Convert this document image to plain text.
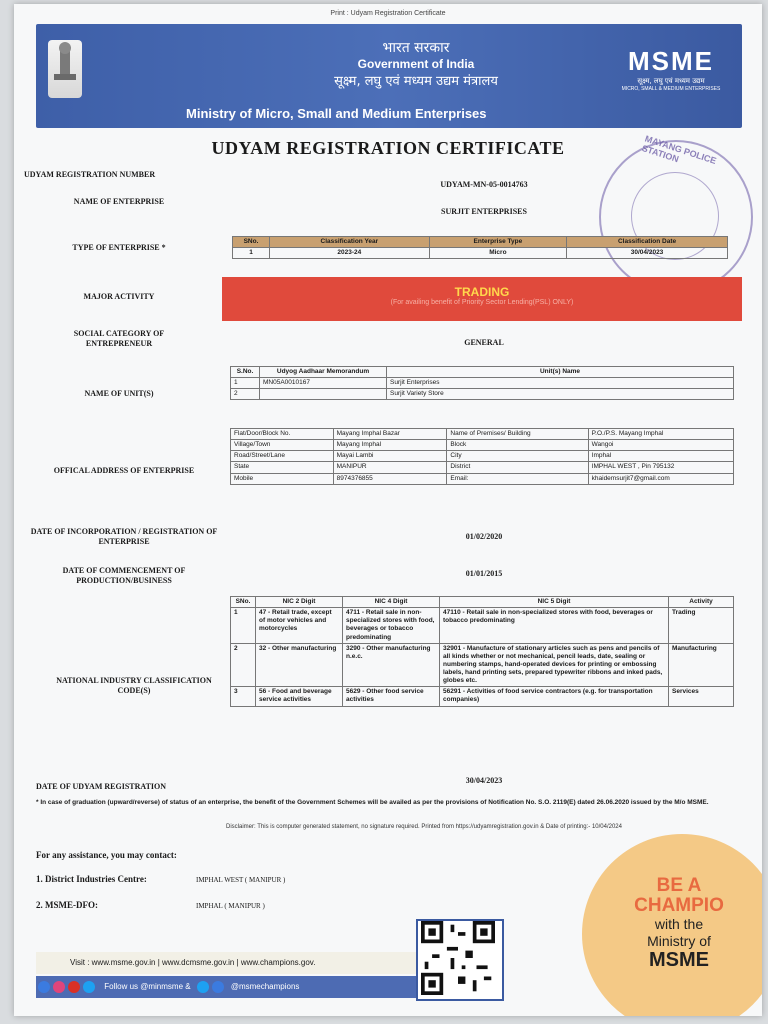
Print : Udyam Registration Certificate
भारत सरकार
Government of India
सूक्ष्म, लघु एवं मध्यम उद्यम मंत्रालय
Ministry of Micro, Small and Medium Enterprises
MSME
सूक्ष्म, लघु एवं मध्यम उद्यम
MICRO, SMALL & MEDIUM ENTERPRISES
UDYAM REGISTRATION CERTIFICATE	MAYANG POLICE STATION
UDYAM REGISTRATION NUMBER
UDYAM-MN-05-0014763
NAME OF ENTERPRISE
SURJIT ENTERPRISES
TYPE OF ENTERPRISE *
SNo.	Classification Year	Enterprise Type	Classification Date
1	2023-24	Micro	30/04/2023
MAJOR ACTIVITY	TRADING
(For availing benefit of Priority Sector Lending(PSL) ONLY)
SOCIAL CATEGORY OF ENTREPRENEUR	GENERAL
NAME OF UNIT(S)
S.No.	Udyog Aadhaar Memorandum	Unit(s) Name
1	MN05A0010167	Surjit Enterprises
2		Surjit Variety Store
OFFICAL ADDRESS OF ENTERPRISE
Flat/Door/Block No.	Mayang Imphal Bazar	Name of Premises/ Building	P.O./P.S. Mayang Imphal
Village/Town	Mayang Imphal	Block	Wangoi
Road/Street/Lane	Mayai Lambi	City	Imphal
State	MANIPUR	District	IMPHAL WEST , Pin 795132
Mobile	8974376855	Email:	khaidemsurjit7@gmail.com
DATE OF INCORPORATION / REGISTRATION OF ENTERPRISE
01/02/2020
DATE OF COMMENCEMENT OF PRODUCTION/BUSINESS
01/01/2015
NATIONAL INDUSTRY CLASSIFICATION CODE(S)
SNo.	NIC 2 Digit	NIC 4 Digit	NIC 5 Digit	Activity
1	47 - Retail trade, except of motor vehicles and motorcycles	4711 - Retail sale in non-specialized stores with food, beverages or tobacco predominating	47110 - Retail sale in non-specialized stores with food, beverages or tobacco predominating	Trading
2	32 - Other manufacturing	3290 - Other manufacturing n.e.c.	32901 - Manufacture of stationary articles such as pens and pencils of all kinds whether or not mechanical, pencil leads, date, sealing or numbering stamps, hand-operated devices for printing or embossing labels, hand printing sets, prepared typewriter ribbons and inked pads, globes etc.	Manufacturing
3	56 - Food and beverage service activities	5629 - Other food service activities	56291 - Activities of food service contractors (e.g. for transportation companies)	Services
DATE OF UDYAM REGISTRATION
30/04/2023
* In case of graduation (upward/reverse) of status of an enterprise, the benefit of the Government Schemes will be availed as per the provisions of Notification No. S.O. 2119(E) dated 26.06.2020 issued by the M/o MSME.
Disclaimer: This is computer generated statement, no signature required. Printed from https://udyamregistration.gov.in & Date of printing:- 10/04/2024
For any assistance, you may contact:
1. District Industries Centre:	IMPHAL WEST ( MANIPUR )
2. MSME-DFO:	IMPHAL ( MANIPUR )
BE A
CHAMPIO
with the
Ministry of
MSME
Visit : www.msme.gov.in | www.dcmsme.gov.in | www.champions.gov.
Follow us @minmsme &	@msmechampions
